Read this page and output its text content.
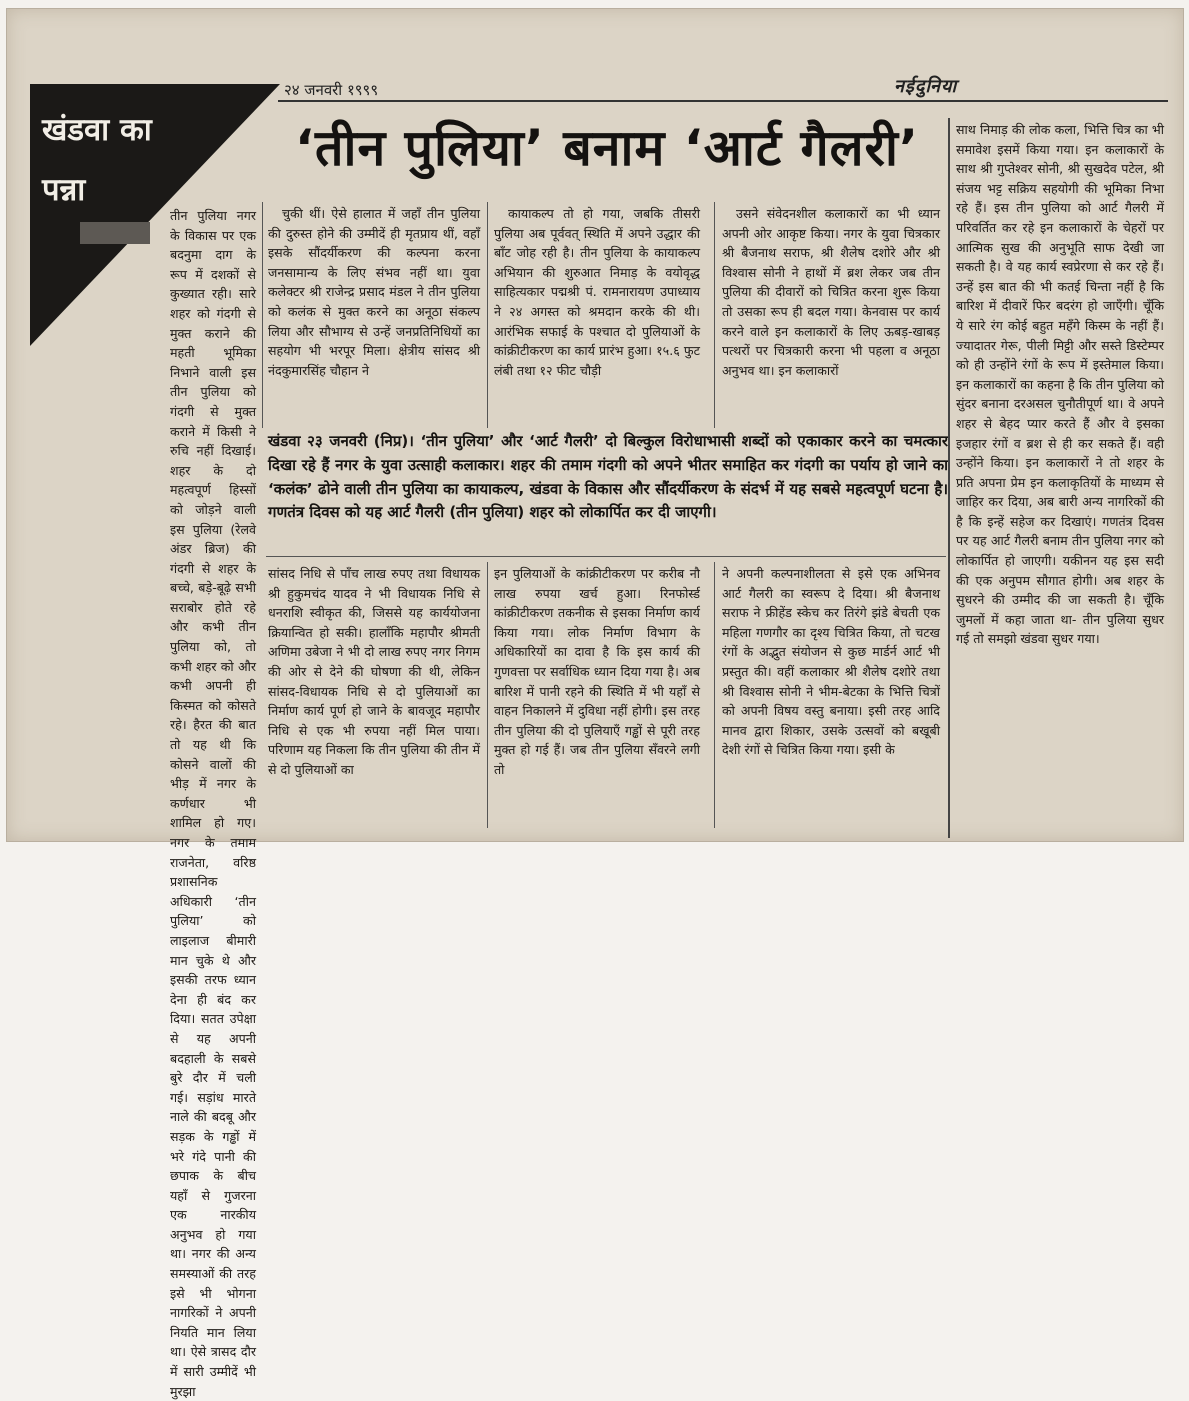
२४ जनवरी १९९९	नईदुनिया
खंडवा का
पन्ना
‘तीन पुलिया’ बनाम ‘आर्ट गैलरी’

तीन पुलिया नगर के विकास पर एक बदनुमा दाग के रूप में दशकों से कुख्यात रही। सारे शहर को गंदगी से मुक्त कराने की महती भूमिका निभाने वाली इस तीन पुलिया को गंदगी से मुक्त कराने में किसी ने रुचि नहीं दिखाई। शहर के दो महत्वपूर्ण हिस्सों को जोड़ने वाली इस पुलिया (रेलवे अंडर ब्रिज) की गंदगी से शहर के बच्चे, बड़े-बूढ़े सभी सराबोर होते रहे और कभी तीन पुलिया को, तो कभी शहर को और कभी अपनी ही किस्मत को कोसते रहे। हैरत की बात तो यह थी कि कोसने वालों की भीड़ में नगर के कर्णधार भी शामिल हो गए। नगर के तमाम राजनेता, वरिष्ठ प्रशासनिक अधिकारी ‘तीन पुलिया’ को लाइलाज बीमारी मान चुके थे और इसकी तरफ ध्यान देना ही बंद कर दिया। सतत उपेक्षा से यह अपनी बदहाली के सबसे बुरे दौर में चली गई। सड़ांध मारते नाले की बदबू और सड़क के गड्ढों में भरे गंदे पानी की छपाक के बीच यहाँ से गुजरना एक नारकीय अनुभव हो गया था। नगर की अन्य समस्याओं की तरह इसे भी भोगना नागरिकों ने अपनी नियति मान लिया था। ऐसे त्रासद दौर में सारी उम्मीदें भी मुरझा

चुकी थीं। ऐसे हालात में जहाँ तीन पुलिया की दुरुस्त होने की उम्मीदें ही मृतप्राय थीं, वहाँ इसके सौंदर्यीकरण की कल्पना करना जनसामान्य के लिए संभव नहीं था। युवा कलेक्टर श्री राजेन्द्र प्रसाद मंडल ने तीन पुलिया को कलंक से मुक्त करने का अनूठा संकल्प लिया और सौभाग्य से उन्हें जनप्रतिनिधियों का सहयोग भी भरपूर मिला। क्षेत्रीय सांसद श्री नंदकुमारसिंह चौहान ने

कायाकल्प तो हो गया, जबकि तीसरी पुलिया अब पूर्ववत् स्थिति में अपने उद्धार की बाँट जोह रही है। तीन पुलिया के कायाकल्प अभियान की शुरुआत निमाड़ के वयोवृद्ध साहित्यकार पद्मश्री पं. रामनारायण उपाध्याय ने २४ अगस्त को श्रमदान करके की थी। आरंभिक सफाई के पश्चात दो पुलियाओं के कांक्रीटीकरण का कार्य प्रारंभ हुआ। १५.६ फुट लंबी तथा १२ फीट चौड़ी

उसने संवेदनशील कलाकारों का भी ध्यान अपनी ओर आकृष्ट किया। नगर के युवा चित्रकार श्री बैजनाथ सराफ, श्री शैलेष दशोरे और श्री विश्वास सोनी ने हाथों में ब्रश लेकर जब तीन पुलिया की दीवारों को चित्रित करना शुरू किया तो उसका रूप ही बदल गया। केनवास पर कार्य करने वाले इन कलाकारों के लिए ऊबड़-खाबड़ पत्थरों पर चित्रकारी करना भी पहला व अनूठा अनुभव था। इन कलाकारों

खंडवा २३ जनवरी (निप्र)। ‘तीन पुलिया’ और ‘आर्ट गैलरी’ दो बिल्कुल विरोधाभासी शब्दों को एकाकार करने का चमत्कार दिखा रहे हैं नगर के युवा उत्साही कलाकार। शहर की तमाम गंदगी को अपने भीतर समाहित कर गंदगी का पर्याय हो जाने का ‘कलंक’ ढोने वाली तीन पुलिया का कायाकल्प, खंडवा के विकास और सौंदर्यीकरण के संदर्भ में यह सबसे महत्वपूर्ण घटना है। गणतंत्र दिवस को यह आर्ट गैलरी (तीन पुलिया) शहर को लोकार्पित कर दी जाएगी।

सांसद निधि से पाँच लाख रुपए तथा विधायक श्री हुकुमचंद यादव ने भी विधायक निधि से धनराशि स्वीकृत की, जिससे यह कार्ययोजना क्रियान्वित हो सकी। हालाँकि महापौर श्रीमती अणिमा उबेजा ने भी दो लाख रुपए नगर निगम की ओर से देने की घोषणा की थी, लेकिन सांसद-विधायक निधि से दो पुलियाओं का निर्माण कार्य पूर्ण हो जाने के बावजूद महापौर निधि से एक भी रुपया नहीं मिल पाया। परिणाम यह निकला कि तीन पुलिया की तीन में से दो पुलियाओं का

इन पुलियाओं के कांक्रीटीकरण पर करीब नौ लाख रुपया खर्च हुआ। रिनफोर्स्ड कांक्रीटीकरण तकनीक से इसका निर्माण कार्य किया गया। लोक निर्माण विभाग के अधिकारियों का दावा है कि इस कार्य की गुणवत्ता पर सर्वाधिक ध्यान दिया गया है। अब बारिश में पानी रहने की स्थिति में भी यहाँ से वाहन निकालने में दुविधा नहीं होगी। इस तरह तीन पुलिया की दो पुलियाएँ गड्ढों से पूरी तरह मुक्त हो गई हैं। जब तीन पुलिया सँवरने लगी तो

ने अपनी कल्पनाशीलता से इसे एक अभिनव आर्ट गैलरी का स्वरूप दे दिया। श्री बैजनाथ सराफ ने फ्रीहेंड स्केच कर तिरंगे झंडे बेचती एक महिला गणगौर का दृश्य चित्रित किया, तो चटख रंगों के अद्भुत संयोजन से कुछ मार्डर्न आर्ट भी प्रस्तुत की। वहीं कलाकार श्री शैलेष दशोरे तथा श्री विश्वास सोनी ने भीम-बेटका के भित्ति चित्रों को अपनी विषय वस्तु बनाया। इसी तरह आदि मानव द्वारा शिकार, उसके उत्सवों को बखूबी देशी रंगों से चित्रित किया गया। इसी के

साथ निमाड़ की लोक कला, भित्ति चित्र का भी समावेश इसमें किया गया। इन कलाकारों के साथ श्री गुप्तेश्वर सोनी, श्री सुखदेव पटेल, श्री संजय भट्ट सक्रिय सहयोगी की भूमिका निभा रहे हैं। इस तीन पुलिया को आर्ट गैलरी में परिवर्तित कर रहे इन कलाकारों के चेहरों पर आत्मिक सुख की अनुभूति साफ देखी जा सकती है। वे यह कार्य स्वप्रेरणा से कर रहे हैं। उन्हें इस बात की भी कतई चिन्ता नहीं है कि बारिश में दीवारें फिर बदरंग हो जाएँगी। चूँकि ये सारे रंग कोई बहुत महँगे किस्म के नहीं हैं। ज्यादातर गेरू, पीली मिट्टी और सस्ते डिस्टेम्पर को ही उन्होंने रंगों के रूप में इस्तेमाल किया। इन कलाकारों का कहना है कि तीन पुलिया को सुंदर बनाना दरअसल चुनौतीपूर्ण था। वे अपने शहर से बेहद प्यार करते हैं और वे इसका इजहार रंगों व ब्रश से ही कर सकते हैं। वही उन्होंने किया। इन कलाकारों ने तो शहर के प्रति अपना प्रेम इन कलाकृतियों के माध्यम से जाहिर कर दिया, अब बारी अन्य नागरिकों की है कि इन्हें सहेज कर दिखाएं। गणतंत्र दिवस पर यह आर्ट गैलरी बनाम तीन पुलिया नगर को लोकार्पित हो जाएगी। यकीनन यह इस सदी की एक अनुपम सौगात होगी। अब शहर के सुधरने की उम्मीद की जा सकती है। चूँकि जुमलों में कहा जाता था- तीन पुलिया सुधर गई तो समझो खंडवा सुधर गया।
